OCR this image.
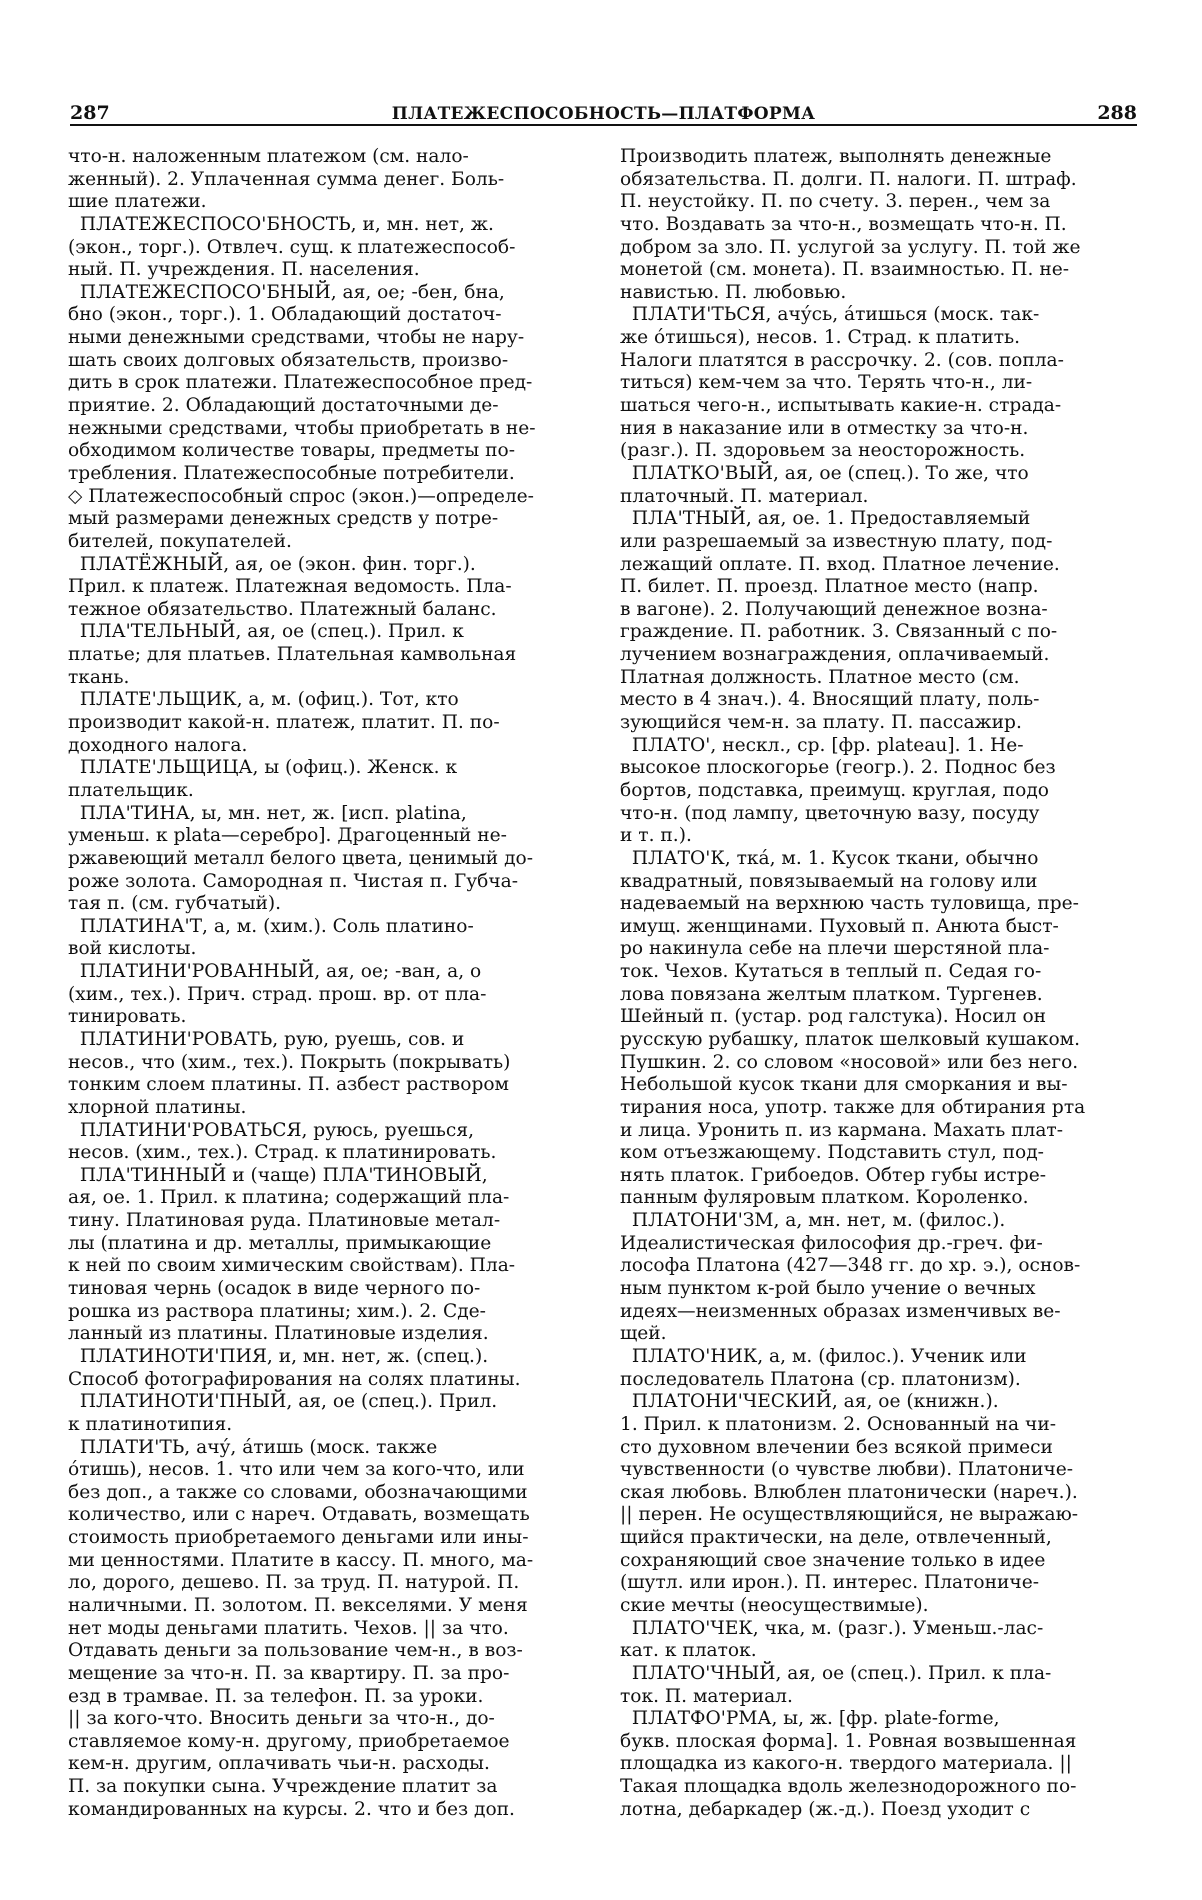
287	ПЛАТЕЖЕСПОСОБНОСТЬ—ПЛАТФОРМА	288
что-н. наложенным платежом (см. нало-
женный). 2. Уплаченная сумма денег. Боль-
шие платежи.
ПЛАТЕЖЕСПОСО'БНОСТЬ, и, мн. нет, ж.
(экон., торг.). Отвлеч. сущ. к платежеспособ-
ный. П. учреждения. П. населения.
ПЛАТЕЖЕСПОСО'БНЫЙ, ая, ое; -бен, бна,
бно (экон., торг.). 1. Обладающий достаточ-
ными денежными средствами, чтобы не нару-
шать своих долговых обязательств, произво-
дить в срок платежи. Платежеспособное пред-
приятие. 2. Обладающий достаточными де-
нежными средствами, чтобы приобретать в не-
обходимом количестве товары, предметы по-
требления. Платежеспособные потребители.
◇ Платежеспособный спрос (экон.)—определе-
мый размерами денежных средств у потре-
бителей, покупателей.
ПЛАТЁЖНЫЙ, ая, ое (экон. фин. торг.).
Прил. к платеж. Платежная ведомость. Пла-
тежное обязательство. Платежный баланс.
ПЛА'ТЕЛЬНЫЙ, ая, ое (спец.). Прил. к
платье; для платьев. Плательная камвольная
ткань.
ПЛАТЕ'ЛЬЩИК, а, м. (офиц.). Тот, кто
производит какой-н. платеж, платит. П. по-
доходного налога.
ПЛАТЕ'ЛЬЩИЦА, ы (офиц.). Женск. к
плательщик.
ПЛА'ТИНА, ы, мн. нет, ж. [исп. platina,
уменьш. к plata—серебро]. Драгоценный не-
ржавеющий металл белого цвета, ценимый до-
роже золота. Самородная п. Чистая п. Губча-
тая п. (см. губчатый).
ПЛАТИНА'Т, а, м. (хим.). Соль платино-
вой кислоты.
ПЛАТИНИ'РОВАННЫЙ, ая, ое; -ван, а, о
(хим., тех.). Прич. страд. прош. вр. от пла-
тинировать.
ПЛАТИНИ'РОВАТЬ, рую, руешь, сов. и
несов., что (хим., тех.). Покрыть (покрывать)
тонким слоем платины. П. азбест раствором
хлорной платины.
ПЛАТИНИ'РОВАТЬСЯ, руюсь, руешься,
несов. (хим., тех.). Страд. к платинировать.
ПЛА'ТИННЫЙ и (чаще) ПЛА'ТИНОВЫЙ,
ая, ое. 1. Прил. к платина; содержащий пла-
тину. Платиновая руда. Платиновые метал-
лы (платина и др. металлы, примыкающие
к ней по своим химическим свойствам). Пла-
тиновая чернь (осадок в виде черного по-
рошка из раствора платины; хим.). 2. Сде-
ланный из платины. Платиновые изделия.
ПЛАТИНОТИ'ПИЯ, и, мн. нет, ж. (спец.).
Способ фотографирования на солях платины.
ПЛАТИНОТИ'ПНЫЙ, ая, ое (спец.). Прил.
к платинотипия.
ПЛАТИ'ТЬ, ачу́, а́тишь (моск. также
о́тишь), несов. 1. что или чем за кого-что, или
без доп., а также со словами, обозначающими
количество, или с нареч. Отдавать, возмещать
стоимость приобретаемого деньгами или ины-
ми ценностями. Платите в кассу. П. много, ма-
ло, дорого, дешево. П. за труд. П. натурой. П.
наличными. П. золотом. П. векселями. У меня
нет моды деньгами платить. Чехов. || за что.
Отдавать деньги за пользование чем-н., в воз-
мещение за что-н. П. за квартиру. П. за про-
езд в трамвае. П. за телефон. П. за уроки.
|| за кого-что. Вносить деньги за что-н., до-
ставляемое кому-н. другому, приобретаемое
кем-н. другим, оплачивать чьи-н. расходы.
П. за покупки сына. Учреждение платит за
командированных на курсы. 2. что и без доп.
Производить платеж, выполнять денежные
обязательства. П. долги. П. налоги. П. штраф.
П. неустойку. П. по счету. 3. перен., чем за
что. Воздавать за что-н., возмещать что-н. П.
добром за зло. П. услугой за услугу. П. той же
монетой (см. монета). П. взаимностью. П. не-
навистью. П. любовью.
ПЛАТИ'ТЬСЯ, ачу́сь, а́тишься (моск. так-
же о́тишься), несов. 1. Страд. к платить.
Налоги платятся в рассрочку. 2. (сов. попла-
титься) кем-чем за что. Терять что-н., ли-
шаться чего-н., испытывать какие-н. страда-
ния в наказание или в отместку за что-н.
(разг.). П. здоровьем за неосторожность.
ПЛАТКО'ВЫЙ, ая, ое (спец.). То же, что
платочный. П. материал.
ПЛА'ТНЫЙ, ая, ое. 1. Предоставляемый
или разрешаемый за известную плату, под-
лежащий оплате. П. вход. Платное лечение.
П. билет. П. проезд. Платное место (напр.
в вагоне). 2. Получающий денежное возна-
граждение. П. работник. 3. Связанный с по-
лучением вознаграждения, оплачиваемый.
Платная должность. Платное место (см.
место в 4 знач.). 4. Вносящий плату, поль-
зующийся чем-н. за плату. П. пассажир.
ПЛАТО', нескл., ср. [фр. plateau]. 1. Не-
высокое плоскогорье (геогр.). 2. Поднос без
бортов, подставка, преимущ. круглая, подо
что-н. (под лампу, цветочную вазу, посуду
и т. п.).
ПЛАТО'К, тка́, м. 1. Кусок ткани, обычно
квадратный, повязываемый на голову или
надеваемый на верхнюю часть туловища, пре-
имущ. женщинами. Пуховый п. Анюта быст-
ро накинула себе на плечи шерстяной пла-
ток. Чехов. Кутаться в теплый п. Седая го-
лова повязана желтым платком. Тургенев.
Шейный п. (устар. род галстука). Носил он
русскую рубашку, платок шелковый кушаком.
Пушкин. 2. со словом «носовой» или без него.
Небольшой кусок ткани для сморкания и вы-
тирания носа, употр. также для обтирания рта
и лица. Уронить п. из кармана. Махать плат-
ком отъезжающему. Подставить стул, под-
нять платок. Грибоедов. Обтер губы истре-
панным фуляровым платком. Короленко.
ПЛАТОНИ'ЗМ, а, мн. нет, м. (филос.).
Идеалистическая философия др.-греч. фи-
лософа Платона (427—348 гг. до хр. э.), основ-
ным пунктом к-рой было учение о вечных
идеях—неизменных образах изменчивых ве-
щей.
ПЛАТО'НИК, а, м. (филос.). Ученик или
последователь Платона (ср. платонизм).
ПЛАТОНИ'ЧЕСКИЙ, ая, ое (книжн.).
1. Прил. к платонизм. 2. Основанный на чи-
сто духовном влечении без всякой примеси
чувственности (о чувстве любви). Платониче-
ская любовь. Влюблен платонически (нареч.).
|| перен. Не осуществляющийся, не выражаю-
щийся практически, на деле, отвлеченный,
сохраняющий свое значение только в идее
(шутл. или ирон.). П. интерес. Платониче-
ские мечты (неосуществимые).
ПЛАТО'ЧЕК, чка, м. (разг.). Уменьш.-лас-
кат. к платок.
ПЛАТО'ЧНЫЙ, ая, ое (спец.). Прил. к пла-
ток. П. материал.
ПЛАТФО'РМА, ы, ж. [фр. plate-forme,
букв. плоская форма]. 1. Ровная возвышенная
площадка из какого-н. твердого материала. ||
Такая площадка вдоль железнодорожного по-
лотна, дебаркадер (ж.-д.). Поезд уходит с
